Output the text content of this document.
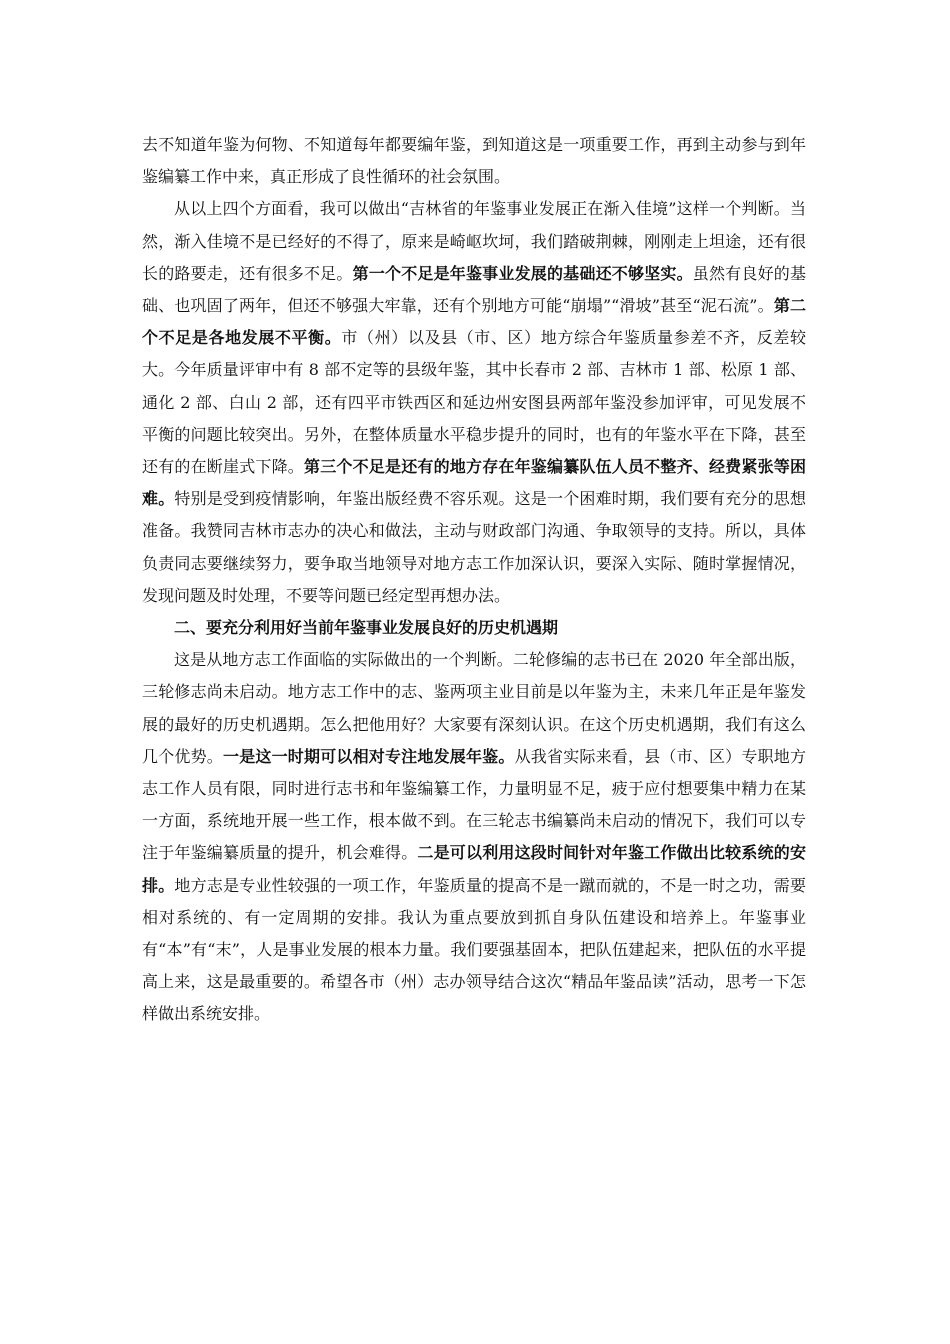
去不知道年鉴为何物、不知道每年都要编年鉴，到知道这是一项重要工作，再到主动参与到年鉴编纂工作中来，真正形成了良性循环的社会氛围。

从以上四个方面看，我可以做出“吉林省的年鉴事业发展正在渐入佳境”这样一个判断。当然，渐入佳境不是已经好的不得了，原来是崎岖坎坷，我们踏破荆棘，刚刚走上坦途，还有很长的路要走，还有很多不足。第一个不足是年鉴事业发展的基础还不够坚实。虽然有良好的基础、也巩固了两年，但还不够强大牢靠，还有个别地方可能“崩塌”“滑坡”甚至“泥石流”。第二个不足是各地发展不平衡。市（州）以及县（市、区）地方综合年鉴质量参差不齐，反差较大。今年质量评审中有 8 部不定等的县级年鉴，其中长春市 2 部、吉林市 1 部、松原 1 部、通化 2 部、白山 2 部，还有四平市铁西区和延边州安图县两部年鉴没参加评审，可见发展不平衡的问题比较突出。另外，在整体质量水平稳步提升的同时，也有的年鉴水平在下降，甚至还有的在断崖式下降。第三个不足是还有的地方存在年鉴编纂队伍人员不整齐、经费紧张等困难。特别是受到疫情影响，年鉴出版经费不容乐观。这是一个困难时期，我们要有充分的思想准备。我赞同吉林市志办的决心和做法，主动与财政部门沟通、争取领导的支持。所以，具体负责同志要继续努力，要争取当地领导对地方志工作加深认识，要深入实际、随时掌握情况，发现问题及时处理，不要等问题已经定型再想办法。

二、要充分利用好当前年鉴事业发展良好的历史机遇期

这是从地方志工作面临的实际做出的一个判断。二轮修编的志书已在 2020 年全部出版，三轮修志尚未启动。地方志工作中的志、鉴两项主业目前是以年鉴为主，未来几年正是年鉴发展的最好的历史机遇期。怎么把他用好？大家要有深刻认识。在这个历史机遇期，我们有这么几个优势。一是这一时期可以相对专注地发展年鉴。从我省实际来看，县（市、区）专职地方志工作人员有限，同时进行志书和年鉴编纂工作，力量明显不足，疲于应付想要集中精力在某一方面，系统地开展一些工作，根本做不到。在三轮志书编纂尚未启动的情况下，我们可以专注于年鉴编纂质量的提升，机会难得。二是可以利用这段时间针对年鉴工作做出比较系统的安排。地方志是专业性较强的一项工作，年鉴质量的提高不是一蹴而就的，不是一时之功，需要相对系统的、有一定周期的安排。我认为重点要放到抓自身队伍建设和培养上。年鉴事业有“本”有“末”，人是事业发展的根本力量。我们要强基固本，把队伍建起来，把队伍的水平提高上来，这是最重要的。希望各市（州）志办领导结合这次“精品年鉴品读”活动，思考一下怎样做出系统安排。
